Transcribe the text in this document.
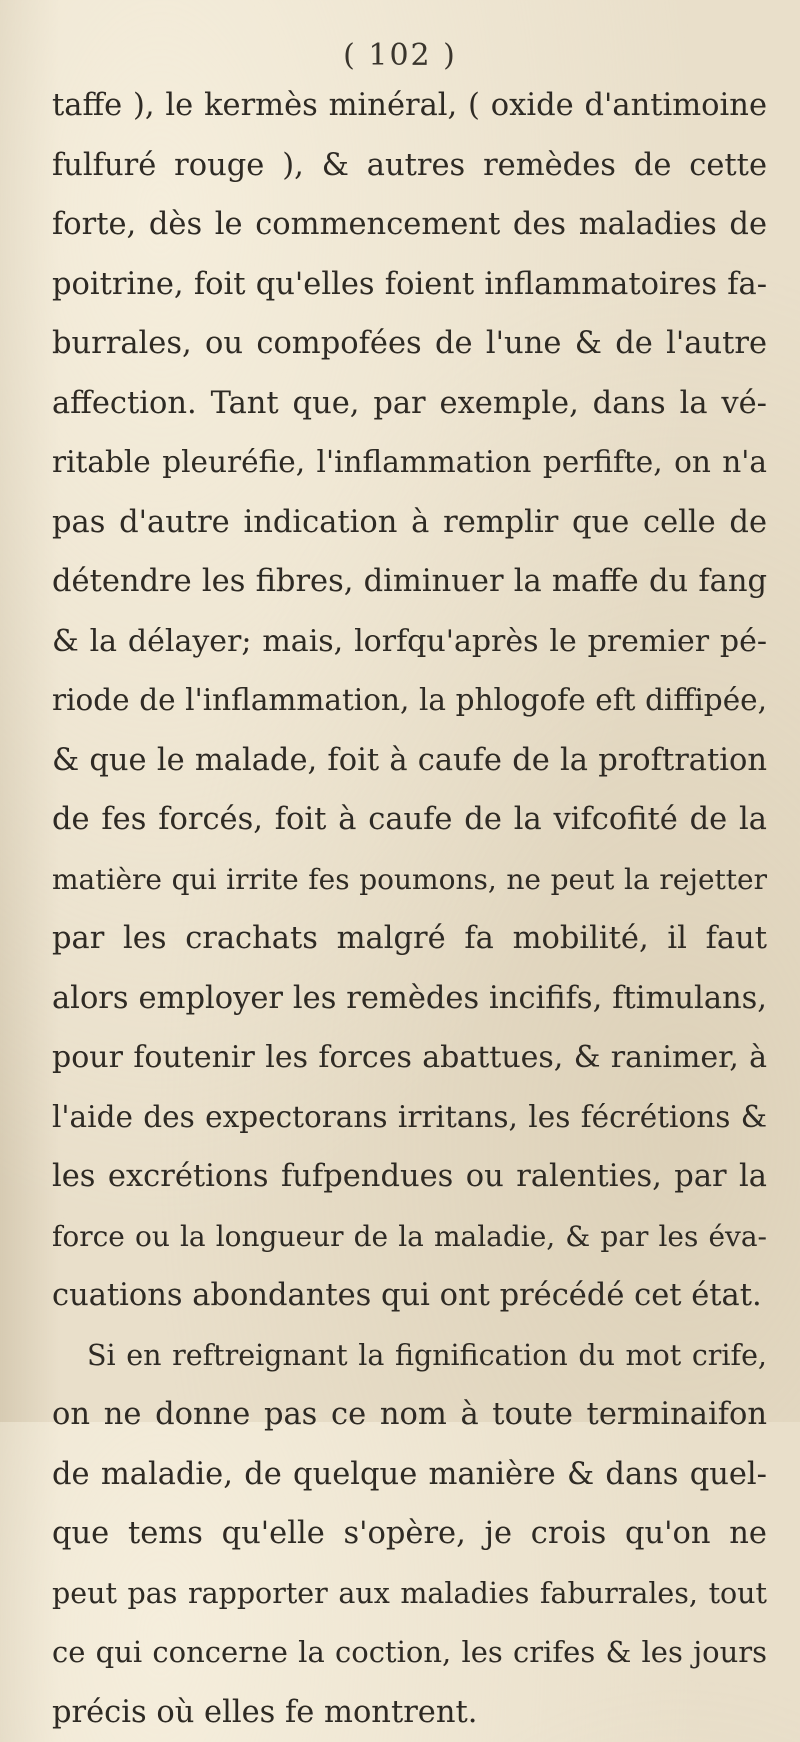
( 102 )
taffe ), le kermès minéral, ( oxide d'antimoine
fulfuré rouge ), & autres remèdes de cette
forte, dès le commencement des maladies de
poitrine, foit qu'elles foient inflammatoires fa-
burrales, ou compofées de l'une & de l'autre
affection. Tant que, par exemple, dans la vé-
ritable pleuréfie, l'inflammation perfifte, on n'a
pas d'autre indication à remplir que celle de
détendre les fibres, diminuer la maffe du fang
& la délayer; mais, lorfqu'après le premier pé-
riode de l'inflammation, la phlogofe eft diffipée,
& que le malade, foit à caufe de la proftration
de fes forcés, foit à caufe de la vifcofité de la
matière qui irrite fes poumons, ne peut la rejetter
par les crachats malgré fa mobilité, il faut
alors employer les remèdes incififs, ftimulans,
pour foutenir les forces abattues, & ranimer, à
l'aide des expectorans irritans, les fécrétions &
les excrétions fufpendues ou ralenties, par la
force ou la longueur de la maladie, & par les éva-
cuations abondantes qui ont précédé cet état.
Si en reftreignant la fignification du mot crife,
on ne donne pas ce nom à toute terminaifon
de maladie, de quelque manière & dans quel-
que tems qu'elle s'opère, je crois qu'on ne
peut pas rapporter aux maladies faburrales, tout
ce qui concerne la coction, les crifes & les jours
précis où elles fe montrent.
